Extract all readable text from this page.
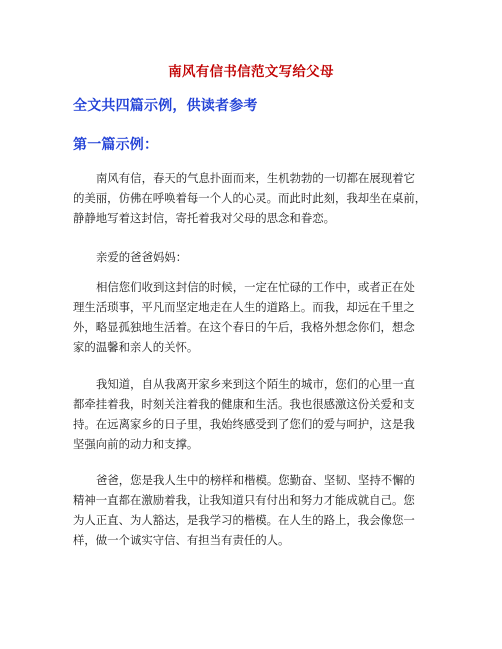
南风有信书信范文写给父母
全文共四篇示例，供读者参考
第一篇示例：
南风有信，春天的气息扑面而来，生机勃勃的一切都在展现着它
的美丽，仿佛在呼唤着每一个人的心灵。而此时此刻，我却坐在桌前，
静静地写着这封信，寄托着我对父母的思念和眷恋。
亲爱的爸爸妈妈：
相信您们收到这封信的时候，一定在忙碌的工作中，或者正在处
理生活琐事，平凡而坚定地走在人生的道路上。而我，却远在千里之
外，略显孤独地生活着。在这个春日的午后，我格外想念你们，想念
家的温馨和亲人的关怀。
我知道，自从我离开家乡来到这个陌生的城市，您们的心里一直
都牵挂着我，时刻关注着我的健康和生活。我也很感激这份关爱和支
持。在远离家乡的日子里，我始终感受到了您们的爱与呵护，这是我
坚强向前的动力和支撑。
爸爸，您是我人生中的榜样和楷模。您勤奋、坚韧、坚持不懈的
精神一直都在激励着我，让我知道只有付出和努力才能成就自己。您
为人正直、为人豁达，是我学习的楷模。在人生的路上，我会像您一
样，做一个诚实守信、有担当有责任的人。
